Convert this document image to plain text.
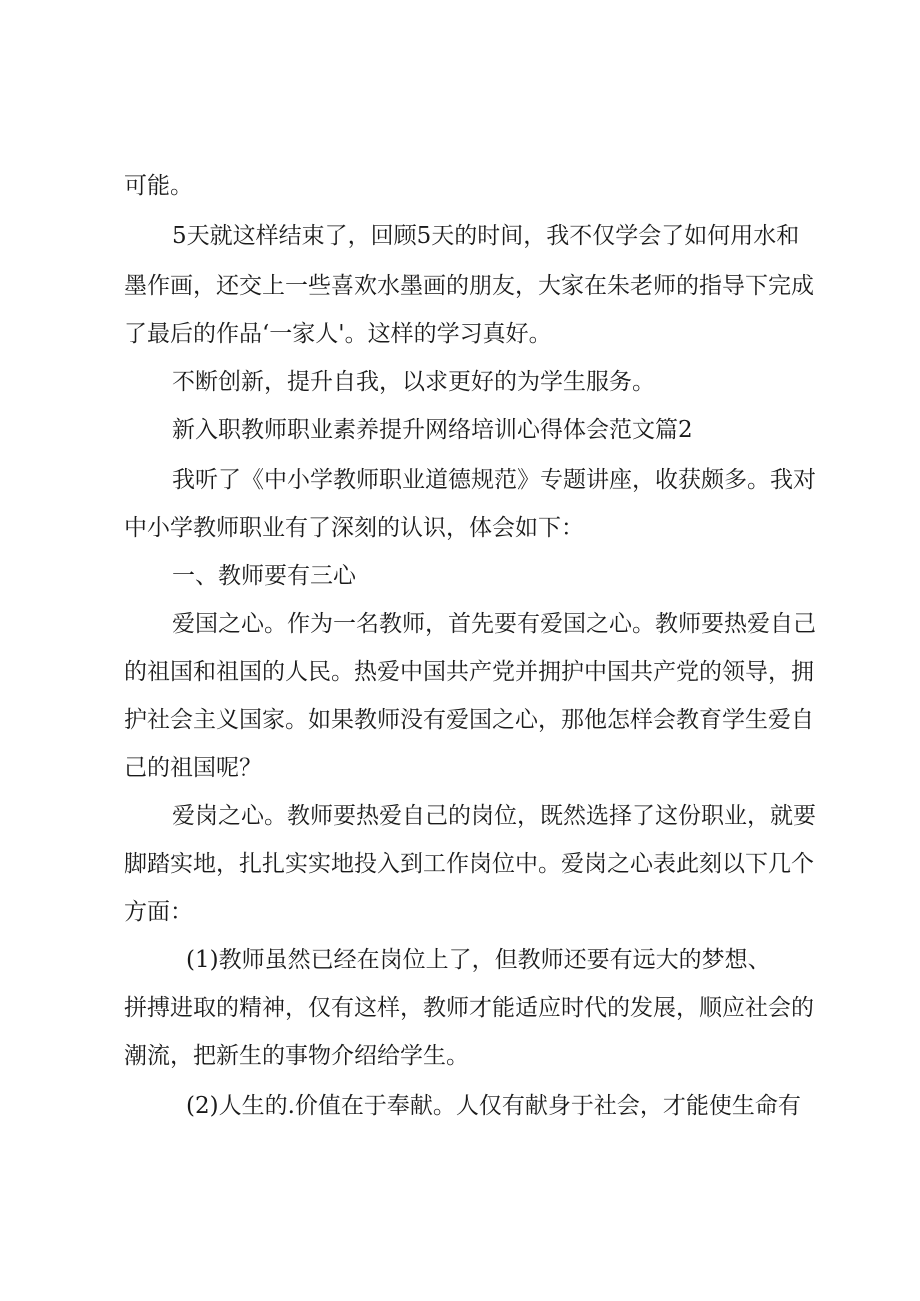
可能。
5天就这样结束了，回顾5天的时间，我不仅学会了如何用水和
墨作画，还交上一些喜欢水墨画的朋友，大家在朱老师的指导下完成
了最后的作品‘一家人'。这样的学习真好。
不断创新，提升自我，以求更好的为学生服务。
新入职教师职业素养提升网络培训心得体会范文篇2
我听了《中小学教师职业道德规范》专题讲座，收获颇多。我对
中小学教师职业有了深刻的认识，体会如下：
一、教师要有三心
爱国之心。作为一名教师，首先要有爱国之心。教师要热爱自己
的祖国和祖国的人民。热爱中国共产党并拥护中国共产党的领导，拥
护社会主义国家。如果教师没有爱国之心，那他怎样会教育学生爱自
己的祖国呢？
爱岗之心。教师要热爱自己的岗位，既然选择了这份职业，就要
脚踏实地，扎扎实实地投入到工作岗位中。爱岗之心表此刻以下几个
方面：
(1)教师虽然已经在岗位上了，但教师还要有远大的梦想、
拼搏进取的精神，仅有这样，教师才能适应时代的发展，顺应社会的
潮流，把新生的事物介绍给学生。
(2)人生的.价值在于奉献。人仅有献身于社会，才能使生命有
